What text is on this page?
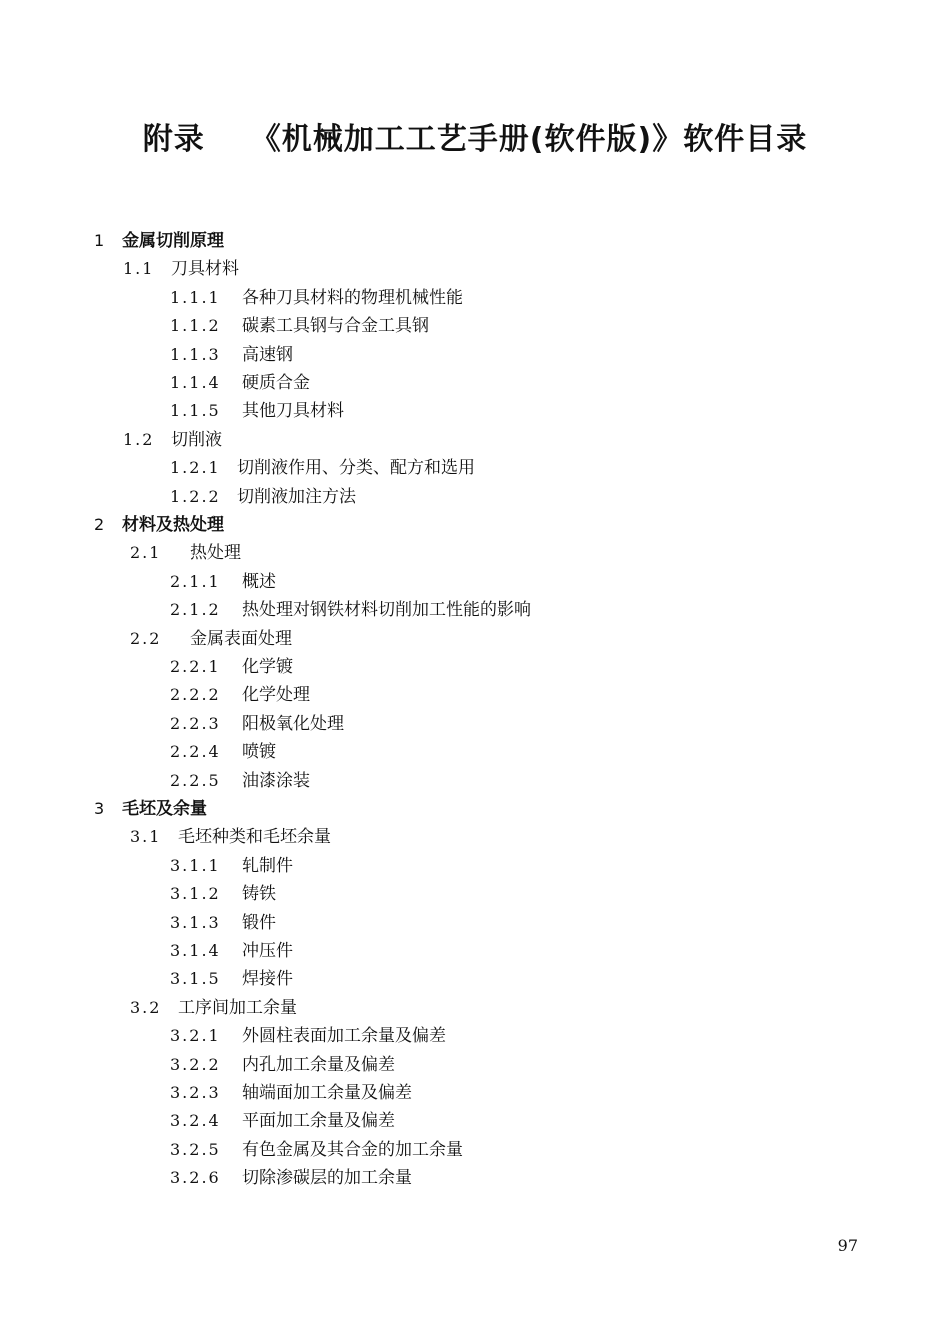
附录 《机械加工工艺手册(软件版)》软件目录
1 金属切削原理
1.1 刀具材料
1.1.1 各种刀具材料的物理机械性能
1.1.2 碳素工具钢与合金工具钢
1.1.3 高速钢
1.1.4 硬质合金
1.1.5 其他刀具材料
1.2 切削液
1.2.1 切削液作用、分类、配方和选用
1.2.2 切削液加注方法
2 材料及热处理
2.1 热处理
2.1.1 概述
2.1.2 热处理对钢铁材料切削加工性能的影响
2.2 金属表面处理
2.2.1 化学镀
2.2.2 化学处理
2.2.3 阳极氧化处理
2.2.4 喷镀
2.2.5 油漆涂装
3 毛坯及余量
3.1 毛坯种类和毛坯余量
3.1.1 轧制件
3.1.2 铸铁
3.1.3 锻件
3.1.4 冲压件
3.1.5 焊接件
3.2 工序间加工余量
3.2.1 外圆柱表面加工余量及偏差
3.2.2 内孔加工余量及偏差
3.2.3 轴端面加工余量及偏差
3.2.4 平面加工余量及偏差
3.2.5 有色金属及其合金的加工余量
3.2.6 切除渗碳层的加工余量
97
